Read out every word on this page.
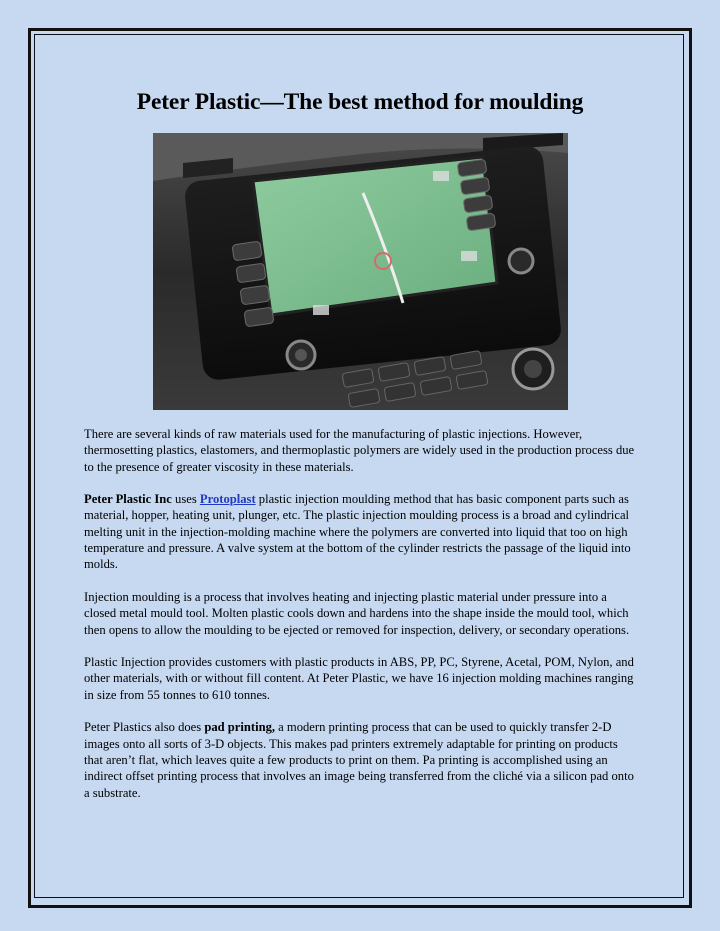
Peter Plastic—The best method for moulding

There are several kinds of raw materials used for the manufacturing of plastic injections. However, thermosetting plastics, elastomers, and thermoplastic polymers are widely used in the production process due to the presence of greater viscosity in these materials.

Peter Plastic Inc uses Protoplast plastic injection moulding method that has basic component parts such as material, hopper, heating unit, plunger, etc. The plastic injection moulding process is a broad and cylindrical melting unit in the injection-molding machine where the polymers are converted into liquid that too on high temperature and pressure. A valve system at the bottom of the cylinder restricts the passage of the liquid into molds.

Injection moulding is a process that involves heating and injecting plastic material under pressure into a closed metal mould tool. Molten plastic cools down and hardens into the shape inside the mould tool, which then opens to allow the moulding to be ejected or removed for inspection, delivery, or secondary operations.

Plastic Injection provides customers with plastic products in ABS, PP, PC, Styrene, Acetal, POM, Nylon, and other materials, with or without fill content. At Peter Plastic, we have 16 injection molding machines ranging in size from 55 tonnes to 610 tonnes.

Peter Plastics also does pad printing, a modern printing process that can be used to quickly transfer 2-D images onto all sorts of 3-D objects. This makes pad printers extremely adaptable for printing on products that aren’t flat, which leaves quite a few products to print on them. Pa printing is accomplished using an indirect offset printing process that involves an image being transferred from the cliché via a silicon pad onto a substrate.
